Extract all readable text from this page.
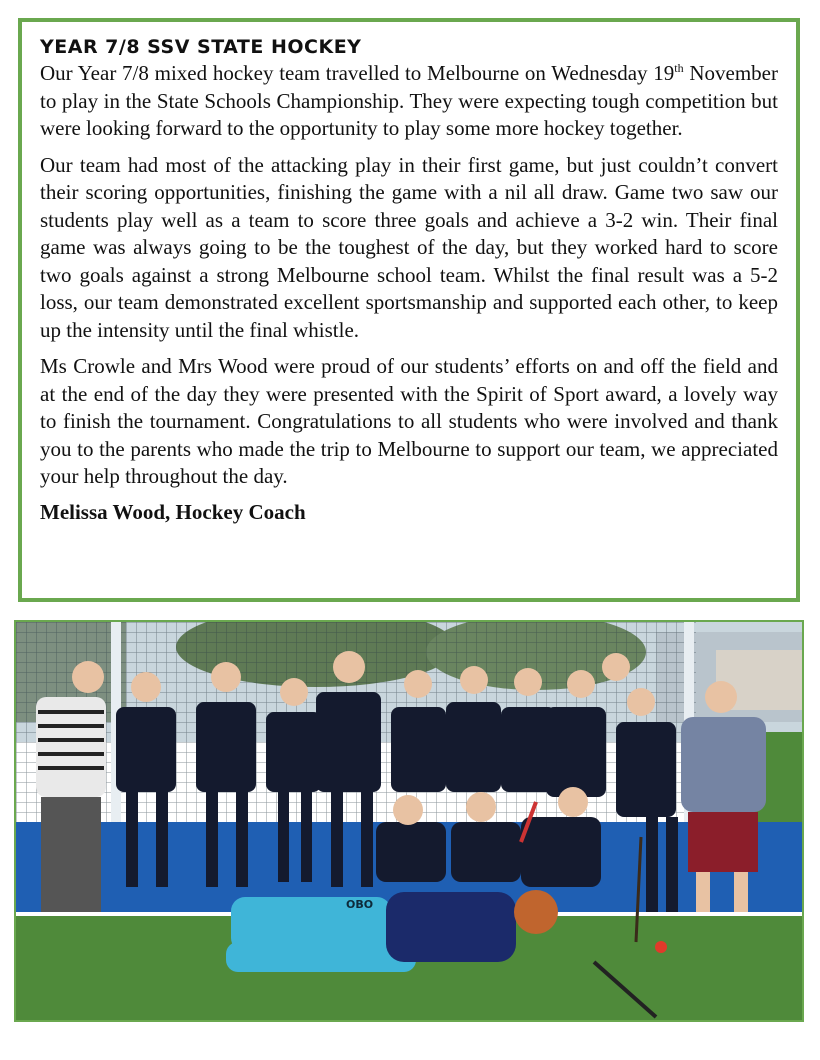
YEAR 7/8 SSV STATE HOCKEY

Our Year 7/8 mixed hockey team travelled to Melbourne on Wednesday 19th November to play in the State Schools Championship. They were expecting tough competition but were looking forward to the opportunity to play some more hockey together.

Our team had most of the attacking play in their first game, but just couldn’t convert their scoring opportunities, finishing the game with a nil all draw. Game two saw our students play well as a team to score three goals and achieve a 3-2 win. Their final game was always going to be the toughest of the day, but they worked hard to score two goals against a strong Melbourne school team. Whilst the final result was a 5-2 loss, our team demonstrated excellent sportsmanship and supported each other, to keep up the intensity until the final whistle.

Ms Crowle and Mrs Wood were proud of our students’ efforts on and off the field and at the end of the day they were presented with the Spirit of Sport award, a lovely way to finish the tournament. Congratulations to all students who were involved and thank you to the parents who made the trip to Melbourne to support our team, we appreciated your help throughout the day.

Melissa Wood, Hockey Coach

OBO
